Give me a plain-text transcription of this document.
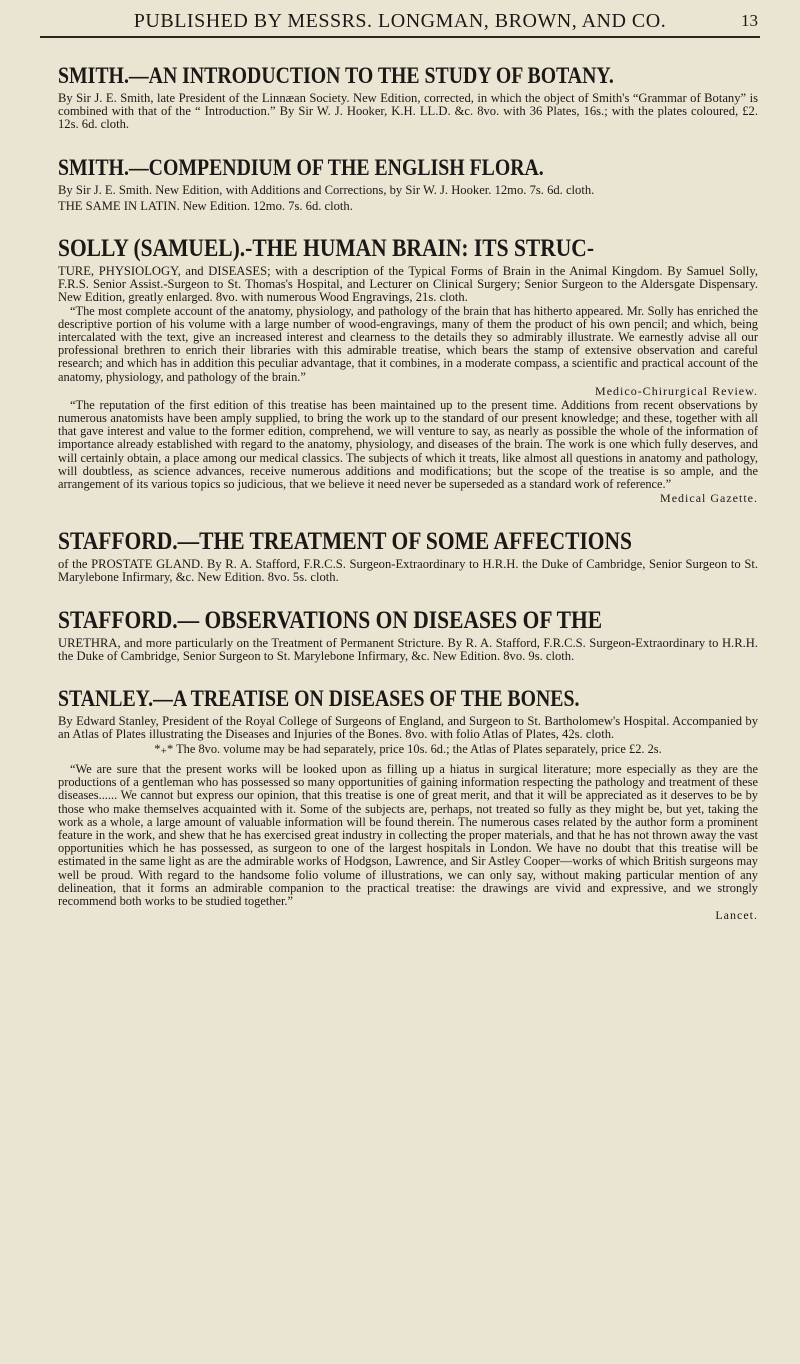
PUBLISHED BY MESSRS. LONGMAN, BROWN, AND CO.	13
SMITH.—AN INTRODUCTION TO THE STUDY OF BOTANY.

By Sir J. E. Smith, late President of the Linnæan Society. New Edition, corrected, in which the object of Smith's “Grammar of Botany” is combined with that of the “ Introduction.” By Sir W. J. Hooker, K.H. LL.D. &c. 8vo. with 36 Plates, 16s.; with the plates coloured, £2. 12s. 6d. cloth.

SMITH.—COMPENDIUM OF THE ENGLISH FLORA.

By Sir J. E. Smith. New Edition, with Additions and Corrections, by Sir W. J. Hooker. 12mo. 7s. 6d. cloth.

THE SAME IN LATIN. New Edition. 12mo. 7s. 6d. cloth.

SOLLY (SAMUEL).-THE HUMAN BRAIN: ITS STRUC-

TURE, PHYSIOLOGY, and DISEASES; with a description of the Typical Forms of Brain in the Animal Kingdom. By Samuel Solly, F.R.S. Senior Assist.-Surgeon to St. Thomas's Hospital, and Lecturer on Clinical Surgery; Senior Surgeon to the Aldersgate Dispensary. New Edition, greatly enlarged. 8vo. with numerous Wood Engravings, 21s. cloth.

“The most complete account of the anatomy, physiology, and pathology of the brain that has hitherto appeared. Mr. Solly has enriched the descriptive portion of his volume with a large number of wood-engravings, many of them the product of his own pencil; and which, being intercalated with the text, give an increased interest and clearness to the details they so admirably illustrate. We earnestly advise all our professional brethren to enrich their libraries with this admirable treatise, which bears the stamp of extensive observation and careful research; and which has in addition this peculiar advantage, that it combines, in a moderate compass, a scientific and practical account of the anatomy, physiology, and pathology of the brain.”

Medico-Chirurgical Review.

“The reputation of the first edition of this treatise has been maintained up to the present time. Additions from recent observations by numerous anatomists have been amply supplied, to bring the work up to the standard of our present knowledge; and these, together with all that gave interest and value to the former edition, comprehend, we will venture to say, as nearly as possible the whole of the information of importance already established with regard to the anatomy, physiology, and diseases of the brain. The work is one which fully deserves, and will certainly obtain, a place among our medical classics. The subjects of which it treats, like almost all questions in anatomy and pathology, will doubtless, as science advances, receive numerous additions and modifications; but the scope of the treatise is so ample, and the arrangement of its various topics so judicious, that we believe it need never be superseded as a standard work of reference.”

Medical Gazette.
STAFFORD.—THE TREATMENT OF SOME AFFECTIONS

of the PROSTATE GLAND. By R. A. Stafford, F.R.C.S. Surgeon-Extraordinary to H.R.H. the Duke of Cambridge, Senior Surgeon to St. Marylebone Infirmary, &c. New Edition. 8vo. 5s. cloth.

STAFFORD.— OBSERVATIONS ON DISEASES OF THE

URETHRA, and more particularly on the Treatment of Permanent Stricture. By R. A. Stafford, F.R.C.S. Surgeon-Extraordinary to H.R.H. the Duke of Cambridge, Senior Surgeon to St. Marylebone Infirmary, &c. New Edition. 8vo. 9s. cloth.

STANLEY.—A TREATISE ON DISEASES OF THE BONES.

By Edward Stanley, President of the Royal College of Surgeons of England, and Surgeon to St. Bartholomew's Hospital. Accompanied by an Atlas of Plates illustrating the Diseases and Injuries of the Bones. 8vo. with folio Atlas of Plates, 42s. cloth.

*₊* The 8vo. volume may be had separately, price 10s. 6d.; the Atlas of Plates separately, price £2. 2s.

“We are sure that the present works will be looked upon as filling up a hiatus in surgical literature; more especially as they are the productions of a gentleman who has possessed so many opportunities of gaining information respecting the pathology and treatment of these diseases...... We cannot but express our opinion, that this treatise is one of great merit, and that it will be appreciated as it deserves to be by those who make themselves acquainted with it. Some of the subjects are, perhaps, not treated so fully as they might be, but yet, taking the work as a whole, a large amount of valuable information will be found therein. The numerous cases related by the author form a prominent feature in the work, and shew that he has exercised great industry in collecting the proper materials, and that he has not thrown away the vast opportunities which he has possessed, as surgeon to one of the largest hospitals in London. We have no doubt that this treatise will be estimated in the same light as are the admirable works of Hodgson, Lawrence, and Sir Astley Cooper—works of which British surgeons may well be proud. With regard to the handsome folio volume of illustrations, we can only say, without making particular mention of any delineation, that it forms an admirable companion to the practical treatise: the drawings are vivid and expressive, and we strongly recommend both works to be studied together.”

Lancet.
